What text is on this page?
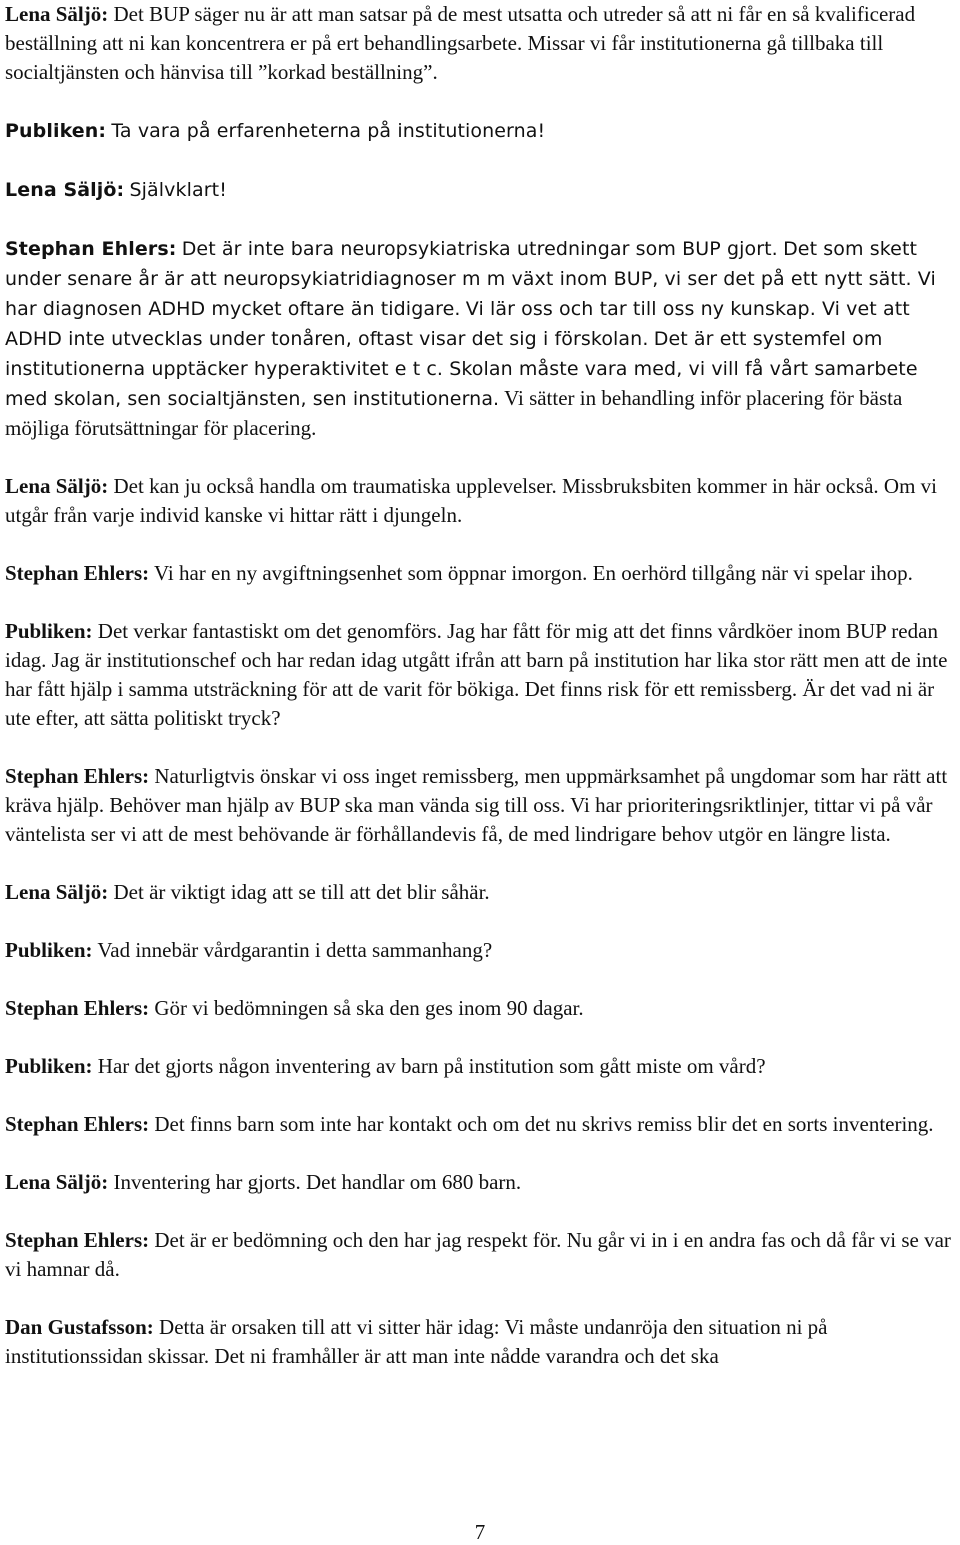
Lena Säljö: Det BUP säger nu är att man satsar på de mest utsatta och utreder så att ni får en så kvalificerad beställning att ni kan koncentrera er på ert behandlingsarbete. Missar vi får institutionerna gå tillbaka till socialtjänsten och hänvisa till ”korkad beställning”.

Publiken: Ta vara på erfarenheterna på institutionerna!

Lena Säljö: Självklart!

Stephan Ehlers: Det är inte bara neuropsykiatriska utredningar som BUP gjort. Det som skett under senare år är att neuropsykiatridiagnoser m m växt inom BUP, vi ser det på ett nytt sätt. Vi har diagnosen ADHD mycket oftare än tidigare. Vi lär oss och tar till oss ny kunskap. Vi vet att ADHD inte utvecklas under tonåren, oftast visar det sig i förskolan. Det är ett systemfel om institutionerna upptäcker hyperaktivitet e t c. Skolan måste vara med, vi vill få vårt samarbete med skolan, sen socialtjänsten, sen institutionerna. Vi sätter in behandling inför placering för bästa möjliga förutsättningar för placering.

Lena Säljö: Det kan ju också handla om traumatiska upplevelser. Missbruksbiten kommer in här också. Om vi utgår från varje individ kanske vi hittar rätt i djungeln.

Stephan Ehlers: Vi har en ny avgiftningsenhet som öppnar imorgon. En oerhörd tillgång när vi spelar ihop.

Publiken: Det verkar fantastiskt om det genomförs. Jag har fått för mig att det finns vårdköer inom BUP redan idag. Jag är institutionschef och har redan idag utgått ifrån att barn på institution har lika stor rätt men att de inte har fått hjälp i samma utsträckning för att de varit för bökiga. Det finns risk för ett remissberg. Är det vad ni är ute efter, att sätta politiskt tryck?

Stephan Ehlers: Naturligtvis önskar vi oss inget remissberg, men uppmärksamhet på ungdomar som har rätt att kräva hjälp. Behöver man hjälp av BUP ska man vända sig till oss. Vi har prioriteringsriktlinjer, tittar vi på vår väntelista ser vi att de mest behövande är förhållandevis få, de med lindrigare behov utgör en längre lista.

Lena Säljö: Det är viktigt idag att se till att det blir såhär.

Publiken: Vad innebär vårdgarantin i detta sammanhang?

Stephan Ehlers: Gör vi bedömningen så ska den ges inom 90 dagar.

Publiken: Har det gjorts någon inventering av barn på institution som gått miste om vård?

Stephan Ehlers: Det finns barn som inte har kontakt och om det nu skrivs remiss blir det en sorts inventering.

Lena Säljö: Inventering har gjorts. Det handlar om 680 barn.

Stephan Ehlers: Det är er bedömning och den har jag respekt för. Nu går vi in i en andra fas och då får vi se var vi hamnar då.

Dan Gustafsson: Detta är orsaken till att vi sitter här idag: Vi måste undanröja den situation ni på institutionssidan skissar. Det ni framhåller är att man inte nådde varandra och det ska

7
